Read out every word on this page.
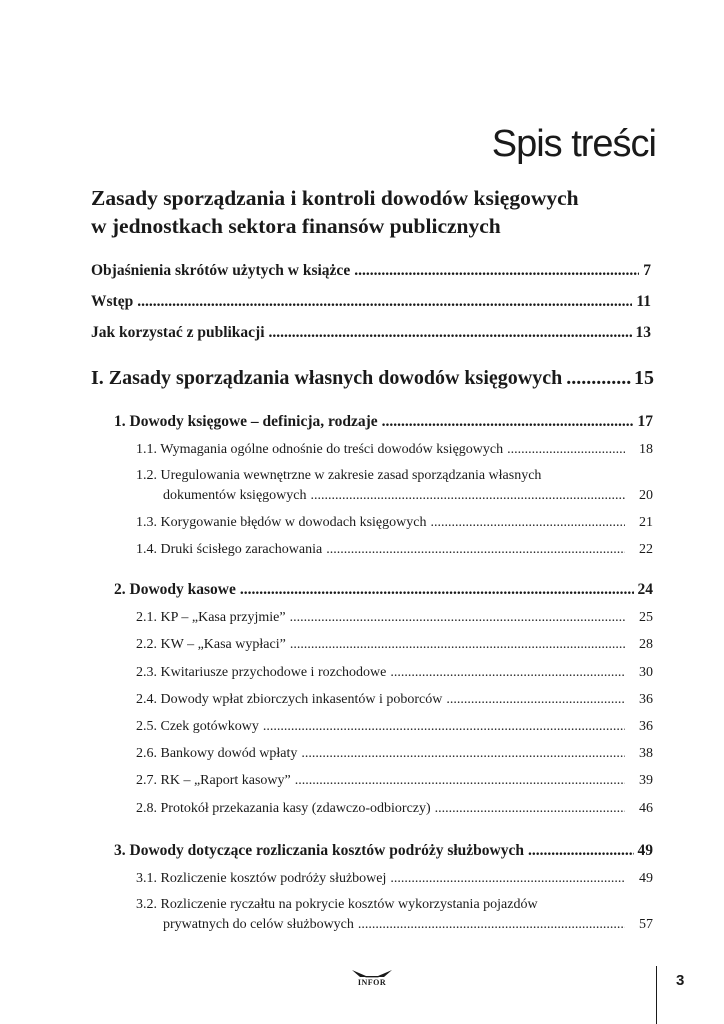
Spis treści
Zasady sporządzania i kontroli dowodów księgowych
w jednostkach sektora finansów publicznych
Objaśnienia skrótów użytych w książce .....	7
Wstęp .....	11
Jak korzystać z publikacji .....	13
I. Zasady sporządzania własnych dowodów księgowych .....	15
1. Dowody księgowe – definicja, rodzaje .....	17
1.1. Wymagania ogólne odnośnie do treści dowodów księgowych .....	18
1.2. Uregulowania wewnętrzne w zakresie zasad sporządzania własnych
dokumentów księgowych .....	20
1.3. Korygowanie błędów w dowodach księgowych .....	21
1.4. Druki ścisłego zarachowania .....	22
2. Dowody kasowe .....	24
2.1. KP – „Kasa przyjmie” .....	25
2.2. KW – „Kasa wypłaci” .....	28
2.3. Kwitariusze przychodowe i rozchodowe .....	30
2.4. Dowody wpłat zbiorczych inkasentów i poborców .....	36
2.5. Czek gotówkowy .....	36
2.6. Bankowy dowód wpłaty .....	38
2.7. RK – „Raport kasowy” .....	39
2.8. Protokół przekazania kasy (zdawczo-odbiorczy) .....	46
3. Dowody dotyczące rozliczania kosztów podróży służbowych .....	49
3.1. Rozliczenie kosztów podróży służbowej .....	49
3.2. Rozliczenie ryczałtu na pokrycie kosztów wykorzystania pojazdów
prywatnych do celów służbowych .....	57
INFOR	3
